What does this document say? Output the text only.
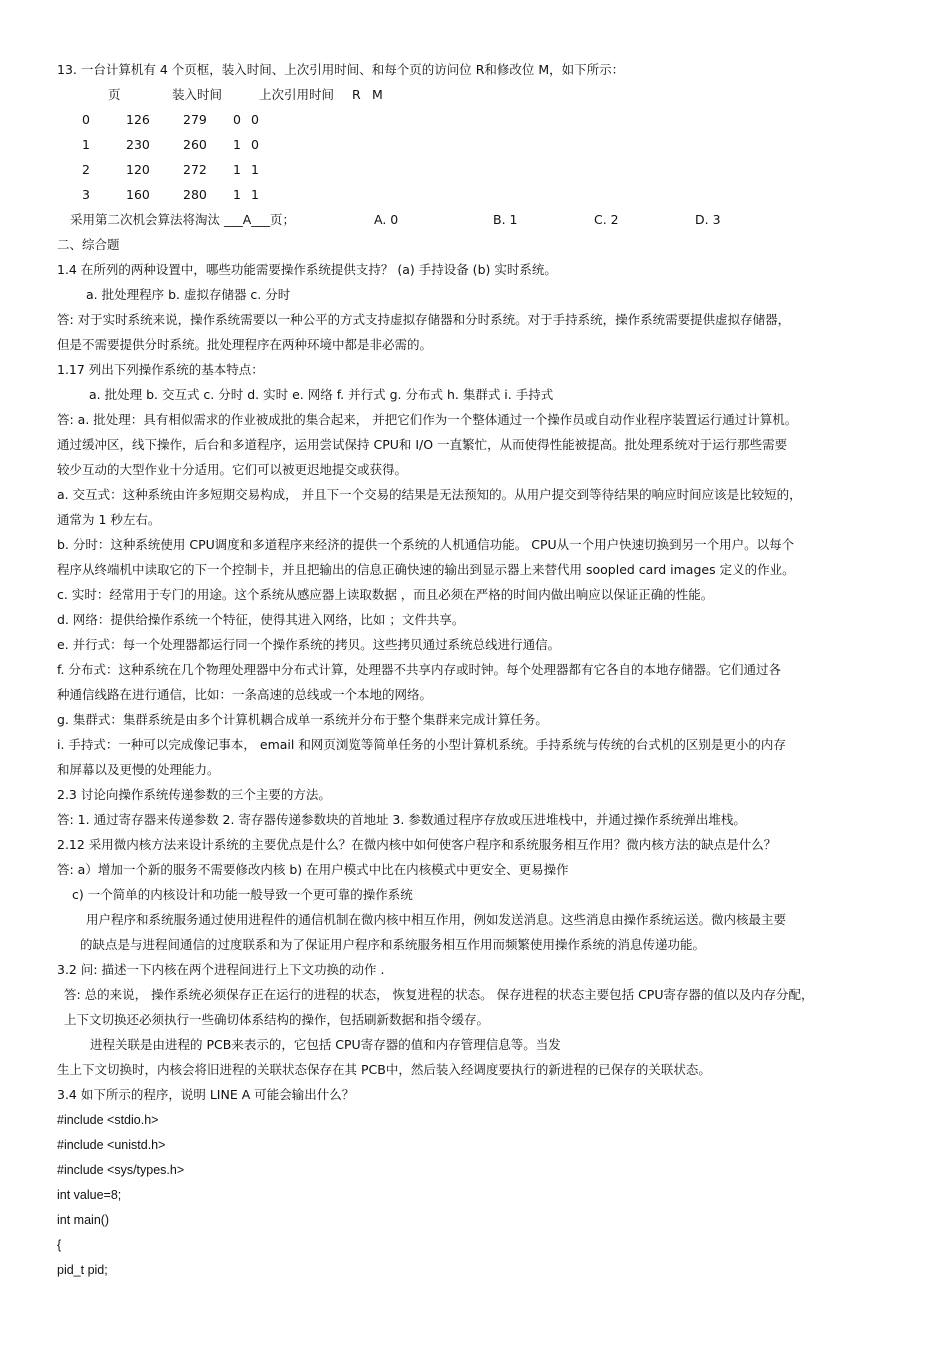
13. 一台计算机有 4 个页框，装入时间、上次引用时间、和每个页的访问位 R和修改位 M，如下所示：
页	装入时间	上次引用时间 R M
0	126	279 0 0
1	230	260 1 0
2	120	272 1 1
3	160	280 1 1
采用第二次机会算法将淘汰 ___A___页；	A. 0	B. 1	C. 2	D. 3
二、综合题
1.4 在所列的两种设置中，哪些功能需要操作系统提供支持？ (a) 手持设备 (b) 实时系统。
a. 批处理程序 b. 虚拟存储器 c. 分时
答: 对于实时系统来说，操作系统需要以一种公平的方式支持虚拟存储器和分时系统。对于手持系统，操作系统需要提供虚拟存储器，
但是不需要提供分时系统。批处理程序在两种环境中都是非必需的。
1.17 列出下列操作系统的基本特点：
a. 批处理 b. 交互式 c. 分时 d. 实时 e. 网络 f. 并行式 g. 分布式 h. 集群式 i. 手持式
答: a. 批处理：具有相似需求的作业被成批的集合起来， 并把它们作为一个整体通过一个操作员或自动作业程序装置运行通过计算机。
通过缓冲区，线下操作，后台和多道程序，运用尝试保持 CPU和 I/O 一直繁忙，从而使得性能被提高。批处理系统对于运行那些需要
较少互动的大型作业十分适用。它们可以被更迟地提交或获得。
a. 交互式：这种系统由许多短期交易构成， 并且下一个交易的结果是无法预知的。从用户提交到等待结果的响应时间应该是比较短的，
通常为 1 秒左右。
b. 分时：这种系统使用 CPU调度和多道程序来经济的提供一个系统的人机通信功能。 CPU从一个用户快速切换到另一个用户。以每个
程序从终端机中读取它的下一个控制卡，并且把输出的信息正确快速的输出到显示器上来替代用 soopled card images 定义的作业。
c. 实时：经常用于专门的用途。这个系统从感应器上读取数据 ，而且必须在严格的时间内做出响应以保证正确的性能。
d. 网络：提供给操作系统一个特征，使得其进入网络，比如 ；文件共享。
e. 并行式：每一个处理器都运行同一个操作系统的拷贝。这些拷贝通过系统总线进行通信。
f. 分布式：这种系统在几个物理处理器中分布式计算，处理器不共享内存或时钟。每个处理器都有它各自的本地存储器。它们通过各
种通信线路在进行通信，比如：一条高速的总线或一个本地的网络。
g. 集群式：集群系统是由多个计算机耦合成单一系统并分布于整个集群来完成计算任务。
i. 手持式：一种可以完成像记事本， email 和网页浏览等简单任务的小型计算机系统。手持系统与传统的台式机的区别是更小的内存
和屏幕以及更慢的处理能力。
2.3 讨论向操作系统传递参数的三个主要的方法。
答: 1. 通过寄存器来传递参数 2. 寄存器传递参数块的首地址 3. 参数通过程序存放或压进堆栈中，并通过操作系统弹出堆栈。
2.12 采用微内核方法来设计系统的主要优点是什么？在微内核中如何使客户程序和系统服务相互作用？微内核方法的缺点是什么？
答: a）增加一个新的服务不需要修改内核 b) 在用户模式中比在内核模式中更安全、更易操作
c) 一个简单的内核设计和功能一般导致一个更可靠的操作系统
用户程序和系统服务通过使用进程件的通信机制在微内核中相互作用，例如发送消息。这些消息由操作系统运送。微内核最主要
的缺点是与进程间通信的过度联系和为了保证用户程序和系统服务相互作用而频繁使用操作系统的消息传递功能。
3.2 问: 描述一下内核在两个进程间进行上下文功换的动作 .
答: 总的来说， 操作系统必须保存正在运行的进程的状态， 恢复进程的状态。 保存进程的状态主要包括 CPU寄存器的值以及内存分配，
上下文切换还必须执行一些确切体系结构的操作，包括刷新数据和指令缓存。
进程关联是由进程的 PCB来表示的，它包括 CPU寄存器的值和内存管理信息等。当发
生上下文切换时，内核会将旧进程的关联状态保存在其 PCB中，然后装入经调度要执行的新进程的已保存的关联状态。
3.4 如下所示的程序，说明 LINE A 可能会输出什么？
#include <stdio.h>
#include <unistd.h>
#include <sys/types.h>
int value=8;
int main()
{
pid_t pid;
